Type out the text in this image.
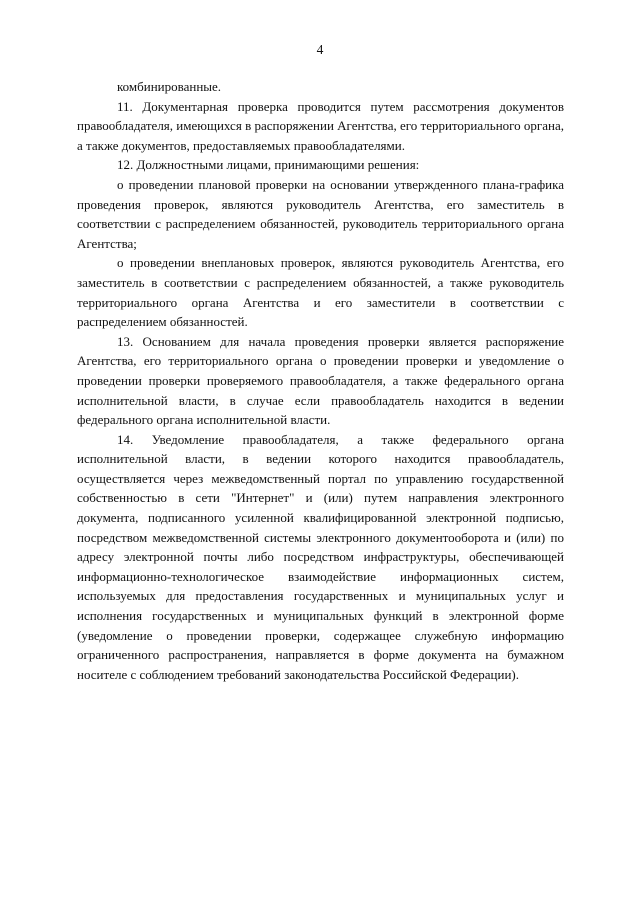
4

комбинированные.

11. Документарная проверка проводится путем рассмотрения документов правообладателя, имеющихся в распоряжении Агентства, его территориального органа, а также документов, предоставляемых правообладателями.

12. Должностными лицами, принимающими решения:

о проведении плановой проверки на основании утвержденного плана-графика проведения проверок, являются руководитель Агентства, его заместитель в соответствии с распределением обязанностей, руководитель территориального органа Агентства;

о проведении внеплановых проверок, являются руководитель Агентства, его заместитель в соответствии с распределением обязанностей, а также руководитель территориального органа Агентства и его заместители в соответствии с распределением обязанностей.

13. Основанием для начала проведения проверки является распоряжение Агентства, его территориального органа о проведении проверки и уведомление о проведении проверки проверяемого правообладателя, а также федерального органа исполнительной власти, в случае если правообладатель находится в ведении федерального органа исполнительной власти.

14. Уведомление правообладателя, а также федерального органа исполнительной власти, в ведении которого находится правообладатель, осуществляется через межведомственный портал по управлению государственной собственностью в сети "Интернет" и (или) путем направления электронного документа, подписанного усиленной квалифицированной электронной подписью, посредством межведомственной системы электронного документооборота и (или) по адресу электронной почты либо посредством инфраструктуры, обеспечивающей информационно-технологическое взаимодействие информационных систем, используемых для предоставления государственных и муниципальных услуг и исполнения государственных и муниципальных функций в электронной форме (уведомление о проведении проверки, содержащее служебную информацию ограниченного распространения, направляется в форме документа на бумажном носителе с соблюдением требований законодательства Российской Федерации).
